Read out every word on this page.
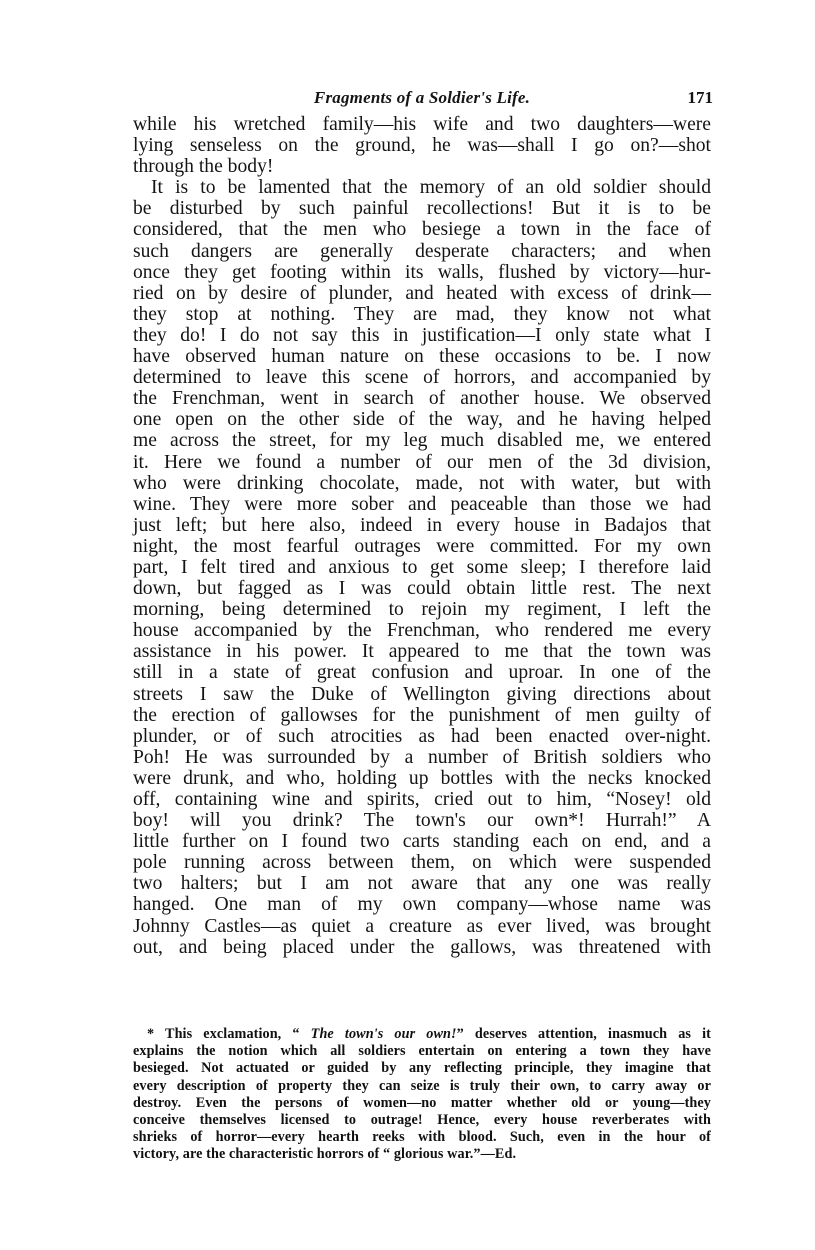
Fragments of a Soldier's Life.	171
while his wretched family—his wife and two daughters—were
lying senseless on the ground, he was—shall I go on?—shot
through the body!
It is to be lamented that the memory of an old soldier should
be disturbed by such painful recollections! But it is to be
considered, that the men who besiege a town in the face of
such dangers are generally desperate characters; and when
once they get footing within its walls, flushed by victory—hur-
ried on by desire of plunder, and heated with excess of drink—
they stop at nothing. They are mad, they know not what
they do! I do not say this in justification—I only state what I
have observed human nature on these occasions to be. I now
determined to leave this scene of horrors, and accompanied by
the Frenchman, went in search of another house. We observed
one open on the other side of the way, and he having helped
me across the street, for my leg much disabled me, we entered
it. Here we found a number of our men of the 3d division,
who were drinking chocolate, made, not with water, but with
wine. They were more sober and peaceable than those we had
just left; but here also, indeed in every house in Badajos that
night, the most fearful outrages were committed. For my own
part, I felt tired and anxious to get some sleep; I therefore laid
down, but fagged as I was could obtain little rest. The next
morning, being determined to rejoin my regiment, I left the
house accompanied by the Frenchman, who rendered me every
assistance in his power. It appeared to me that the town was
still in a state of great confusion and uproar. In one of the
streets I saw the Duke of Wellington giving directions about
the erection of gallowses for the punishment of men guilty of
plunder, or of such atrocities as had been enacted over-night.
Poh! He was surrounded by a number of British soldiers who
were drunk, and who, holding up bottles with the necks knocked
off, containing wine and spirits, cried out to him, “Nosey! old
boy! will you drink? The town's our own*! Hurrah!” A
little further on I found two carts standing each on end, and a
pole running across between them, on which were suspended
two halters; but I am not aware that any one was really
hanged. One man of my own company—whose name was
Johnny Castles—as quiet a creature as ever lived, was brought
out, and being placed under the gallows, was threatened with
* This exclamation, “ The town's our own!” deserves attention, inasmuch as it
explains the notion which all soldiers entertain on entering a town they have
besieged. Not actuated or guided by any reflecting principle, they imagine that
every description of property they can seize is truly their own, to carry away or
destroy. Even the persons of women—no matter whether old or young—they
conceive themselves licensed to outrage! Hence, every house reverberates with
shrieks of horror—every hearth reeks with blood. Such, even in the hour of
victory, are the characteristic horrors of “ glorious war.”—Ed.
